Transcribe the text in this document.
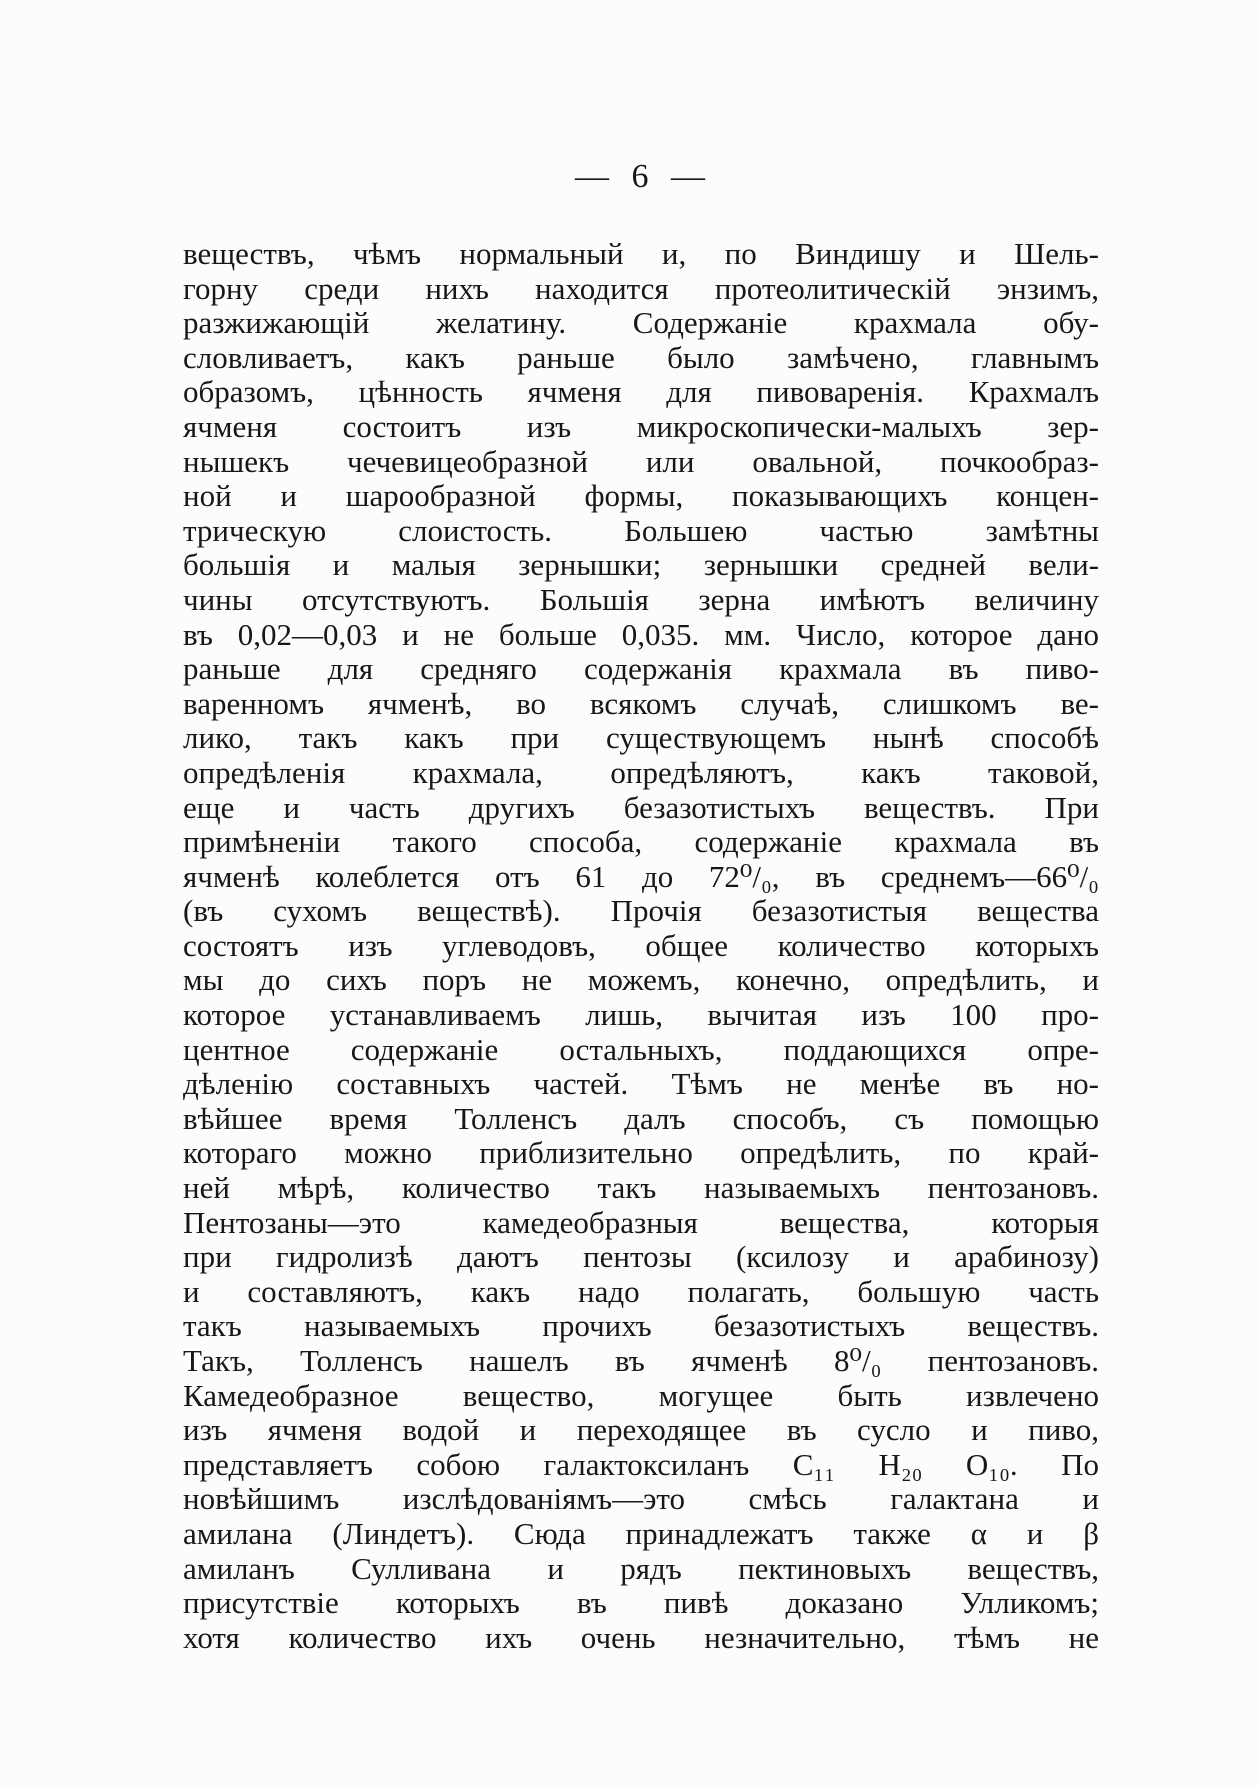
— 6 —
веществъ, чѣмъ нормальный и, по Виндишу и Шель-
горну среди нихъ находится протеолитическій энзимъ,
разжижающій желатину. Содержаніе крахмала обу-
словливаетъ, какъ раньше было замѣчено, главнымъ
образомъ, цѣнность ячменя для пивоваренія. Крахмалъ
ячменя состоитъ изъ микроскопически-малыхъ зер-
нышекъ чечевицеобразной или овальной, почкообраз-
ной и шарообразной формы, показывающихъ концен-
трическую слоистость. Большею частью замѣтны
большія и малыя зернышки; зернышки средней вели-
чины отсутствуютъ. Большія зерна имѣютъ величину
въ 0,02—0,03 и не больше 0,035. мм. Число, которое дано
раньше для средняго содержанія крахмала въ пиво-
варенномъ ячменѣ, во всякомъ случаѣ, слишкомъ ве-
лико, такъ какъ при существующемъ нынѣ способѣ
опредѣленія крахмала, опредѣляютъ, какъ таковой,
еще и часть другихъ безазотистыхъ веществъ. При
примѣненіи такого способа, содержаніе крахмала въ
ячменѣ колеблется отъ 61 до 72⁰/₀, въ среднемъ—66⁰/₀
(въ сухомъ веществѣ). Прочія безазотистыя вещества
состоятъ изъ углеводовъ, общее количество которыхъ
мы до сихъ поръ не можемъ, конечно, опредѣлить, и
которое устанавливаемъ лишь, вычитая изъ 100 про-
центное содержаніе остальныхъ, поддающихся опре-
дѣленію составныхъ частей. Тѣмъ не менѣе въ но-
вѣйшее время Толленсъ далъ способъ, съ помощью
котораго можно приблизительно опредѣлить, по край-
ней мѣрѣ, количество такъ называемыхъ пентозановъ.
Пентозаны—это камедеобразныя вещества, которыя
при гидролизѣ даютъ пентозы (ксилозу и арабинозу)
и составляютъ, какъ надо полагать, большую часть
такъ называемыхъ прочихъ безазотистыхъ веществъ.
Такъ, Толленсъ нашелъ въ ячменѣ 8⁰/₀ пентозановъ.
Камедеобразное вещество, могущее быть извлечено
изъ ячменя водой и переходящее въ сусло и пиво,
представляетъ собою галактоксиланъ C₁₁ H₂₀ O₁₀. По
новѣйшимъ изслѣдованіямъ—это смѣсь галактана и
амилана (Линдетъ). Сюда принадлежатъ также α и β
амиланъ Сулливана и рядъ пектиновыхъ веществъ,
присутствіе которыхъ въ пивѣ доказано Улликомъ;
хотя количество ихъ очень незначительно, тѣмъ не
